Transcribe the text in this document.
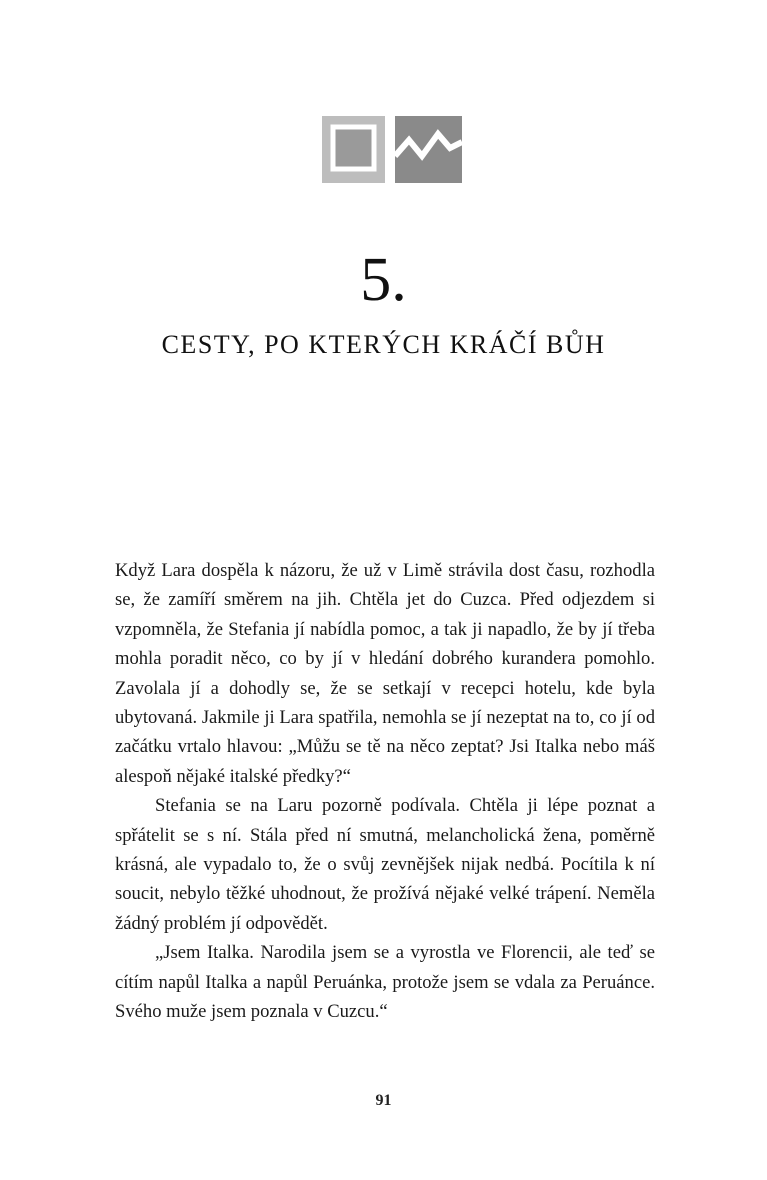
5.
CESTY, PO KTERÝCH KRÁČÍ BŮH

Když Lara dospěla k názoru, že už v Limě strávila dost času, rozhodla se, že zamíří směrem na jih. Chtěla jet do Cuzca. Před odjezdem si vzpomněla, že Stefania jí nabídla pomoc, a tak ji napadlo, že by jí třeba mohla poradit něco, co by jí v hledání dobrého kurandera pomohlo. Zavolala jí a dohodly se, že se setkají v recepci hotelu, kde byla ubytovaná. Jakmile ji Lara spatřila, nemohla se jí nezeptat na to, co jí od začátku vrtalo hlavou: „Můžu se tě na něco zeptat? Jsi Italka nebo máš alespoň nějaké italské předky?“

Stefania se na Laru pozorně podívala. Chtěla ji lépe poznat a spřátelit se s ní. Stála před ní smutná, melancholická žena, poměrně krásná, ale vypadalo to, že o svůj zevnějšek nijak nedbá. Pocítila k ní soucit, nebylo těžké uhodnout, že prožívá nějaké velké trápení. Neměla žádný problém jí odpovědět.

„Jsem Italka. Narodila jsem se a vyrostla ve Florencii, ale teď se cítím napůl Italka a napůl Peruánka, protože jsem se vdala za Peruánce. Svého muže jsem poznala v Cuzcu.“

91
